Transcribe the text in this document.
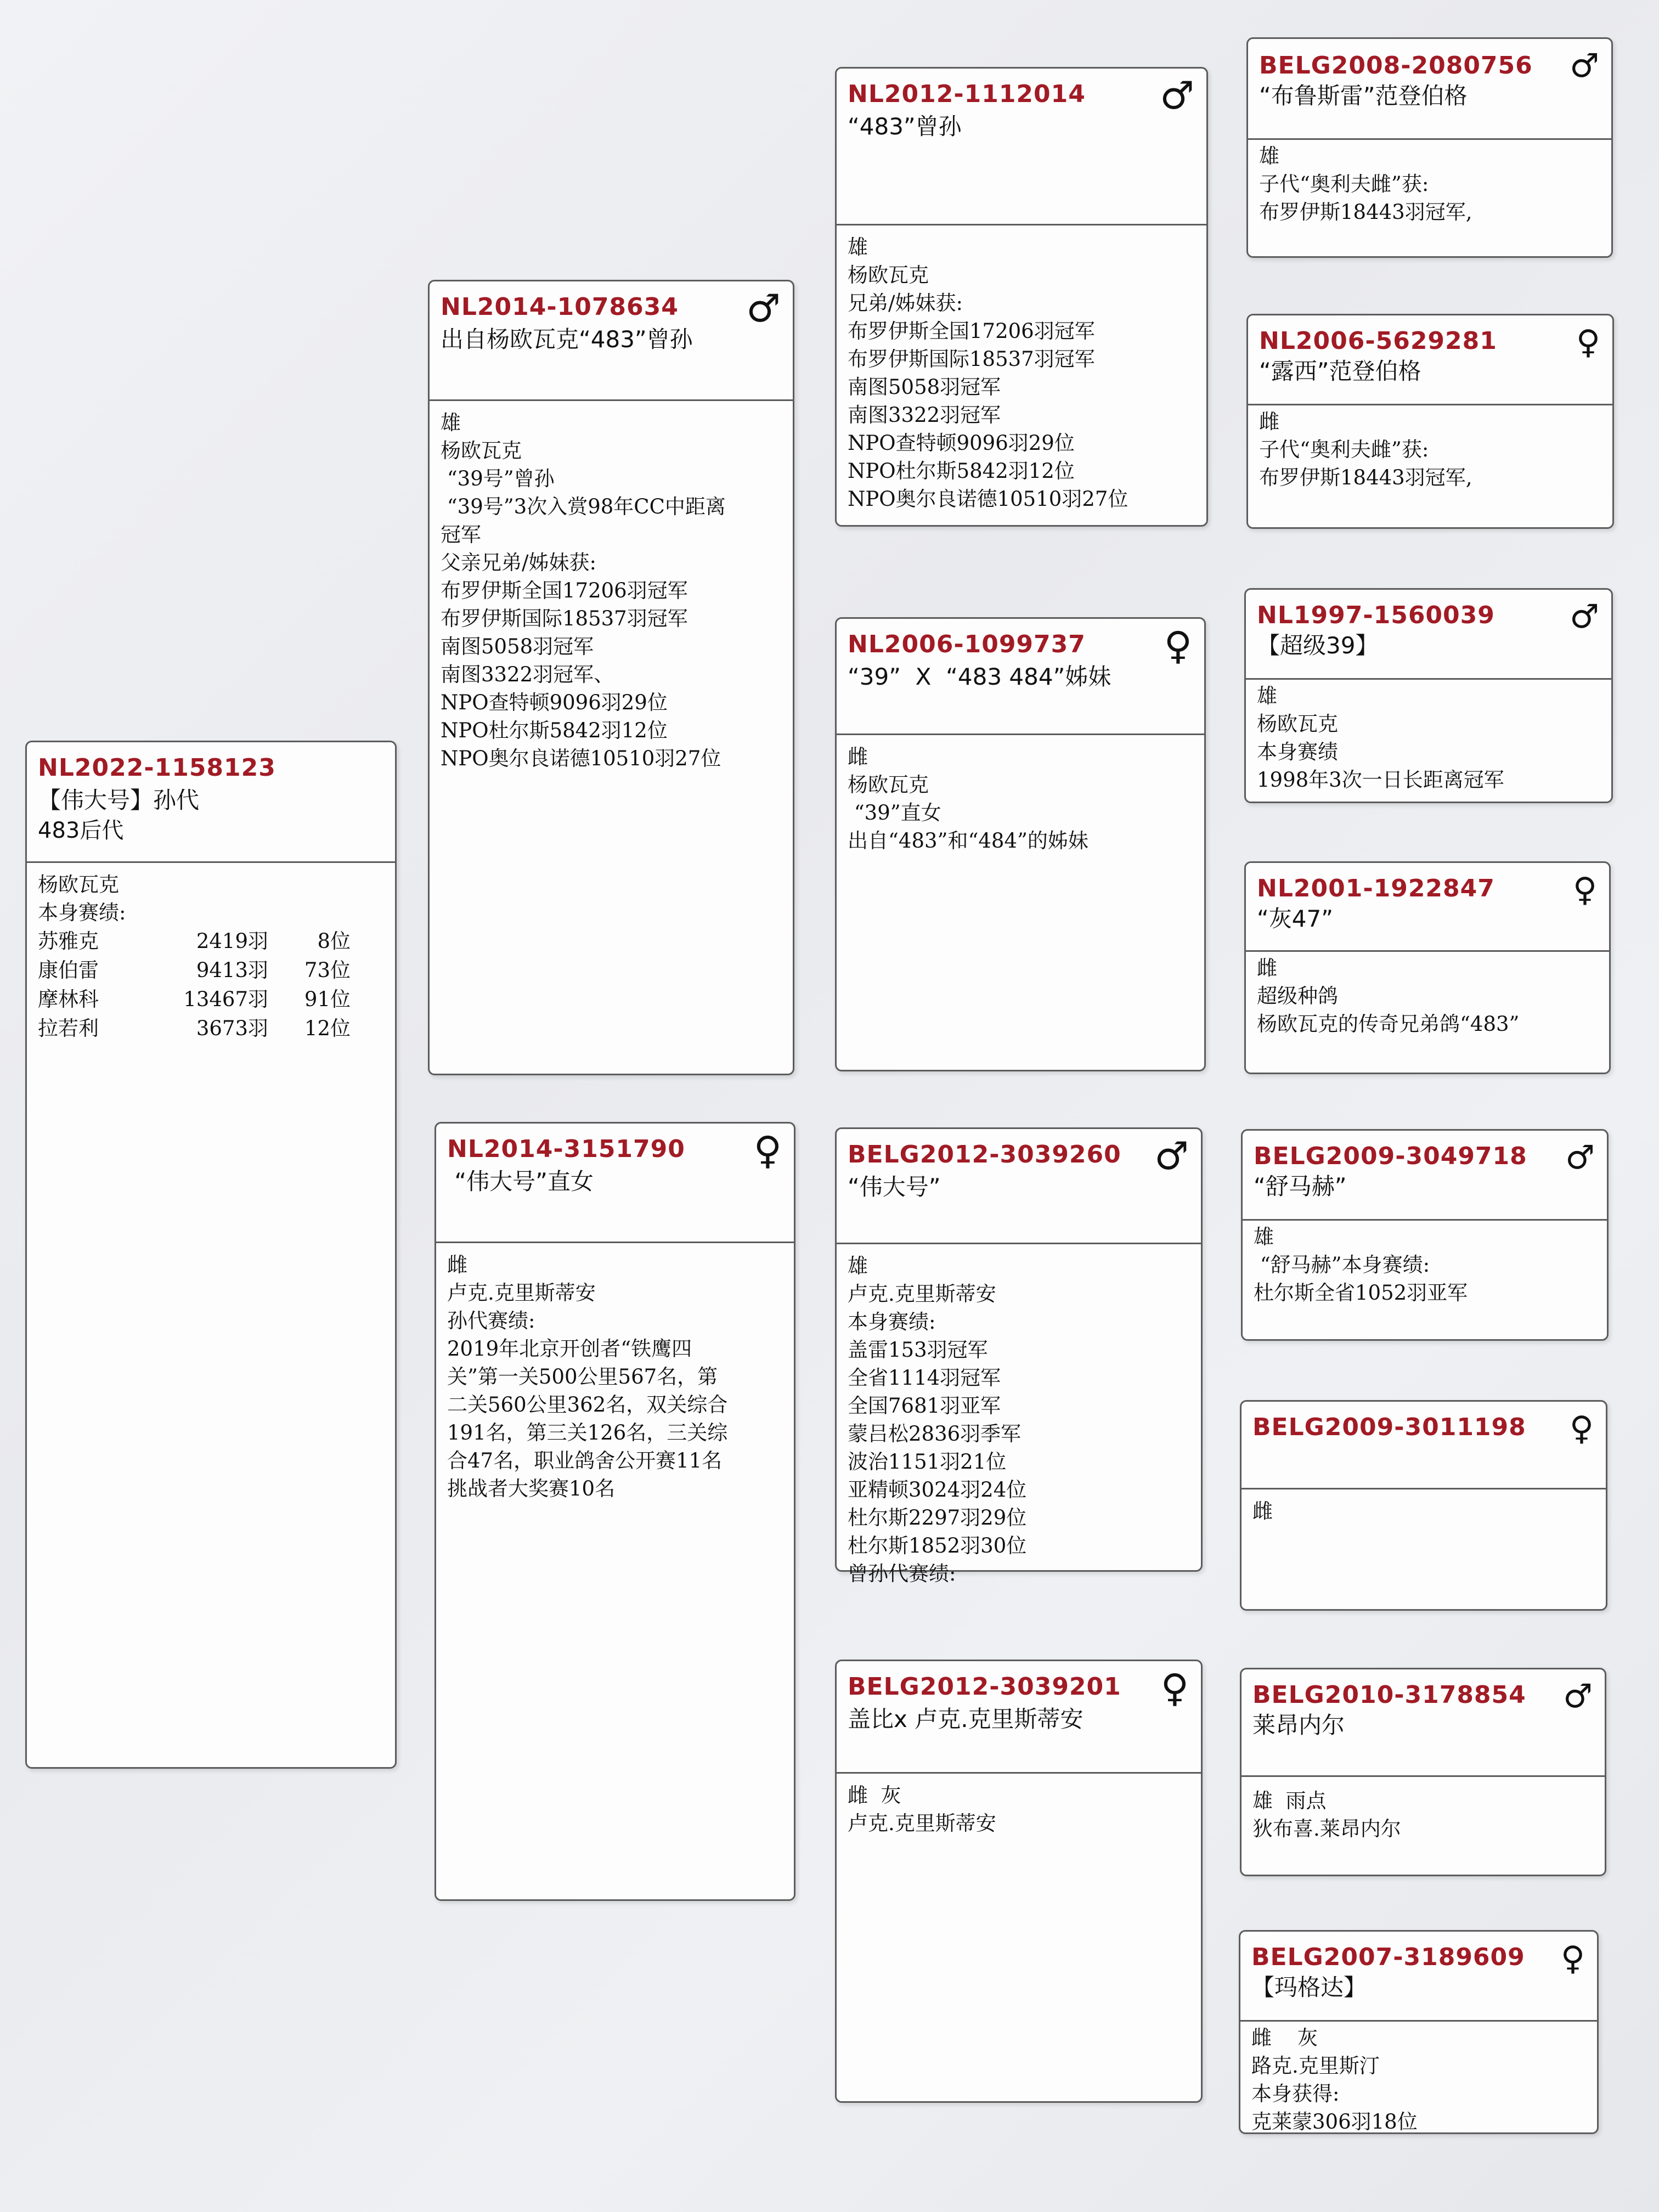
NL2022-1158123
【伟大号】孙代
483后代
杨欧瓦克
本身赛绩:
苏雅克	2419羽	8位
康伯雷	9413羽	73位
摩林科	13467羽	91位
拉若利	3673羽	12位
NL2014-1078634
出自杨欧瓦克“483”曾孙
♂
雄
杨欧瓦克
“39号”曾孙
“39号”3次入赏98年CC中距离
冠军
父亲兄弟/姊妹获:
布罗伊斯全国17206羽冠军
布罗伊斯国际18537羽冠军
南图5058羽冠军
南图3322羽冠军、
NPO查特顿9096羽29位
NPO杜尔斯5842羽12位
NPO奥尔良诺德10510羽27位
NL2014-3151790
“伟大号”直女
♀
雌
卢克.克里斯蒂安
孙代赛绩:
2019年北京开创者“铁鹰四
关”第一关500公里567名，第
二关560公里362名，双关综合
191名，第三关126名，三关综
合47名，职业鸽舍公开赛11名
挑战者大奖赛10名
NL2012-1112014
“483”曾孙
♂
雄
杨欧瓦克
兄弟/姊妹获:
布罗伊斯全国17206羽冠军
布罗伊斯国际18537羽冠军
南图5058羽冠军
南图3322羽冠军
NPO查特顿9096羽29位
NPO杜尔斯5842羽12位
NPO奥尔良诺德10510羽27位
NL2006-1099737
“39”  X  “483 484”姊妹
♀
雌
杨欧瓦克
“39”直女
出自“483”和“484”的姊妹
BELG2012-3039260
“伟大号”
♂
雄
卢克.克里斯蒂安
本身赛绩:
盖雷153羽冠军
全省1114羽冠军
全国7681羽亚军
蒙吕松2836羽季军
波治1151羽21位
亚精顿3024羽24位
杜尔斯2297羽29位
杜尔斯1852羽30位
曾孙代赛绩:
BELG2012-3039201
盖比x 卢克.克里斯蒂安
♀
雌  灰
卢克.克里斯蒂安
BELG2008-2080756
“布鲁斯雷”范登伯格
♂
雄
子代“奥利夫雌”获:
布罗伊斯18443羽冠军,
NL2006-5629281
“露西”范登伯格
♀
雌
子代“奥利夫雌”获:
布罗伊斯18443羽冠军,
NL1997-1560039
【超级39】
♂
雄
杨欧瓦克
本身赛绩
1998年3次一日长距离冠军
NL2001-1922847
“灰47”
♀
雌
超级种鸽
杨欧瓦克的传奇兄弟鸽“483”
BELG2009-3049718
“舒马赫”
♂
雄
“舒马赫”本身赛绩:
杜尔斯全省1052羽亚军
BELG2009-3011198	♀
雌
BELG2010-3178854
莱昂内尔
♂
雄  雨点
狄布喜.莱昂内尔
BELG2007-3189609
【玛格达】
♀
雌    灰
路克.克里斯汀
本身获得:
克莱蒙306羽18位
